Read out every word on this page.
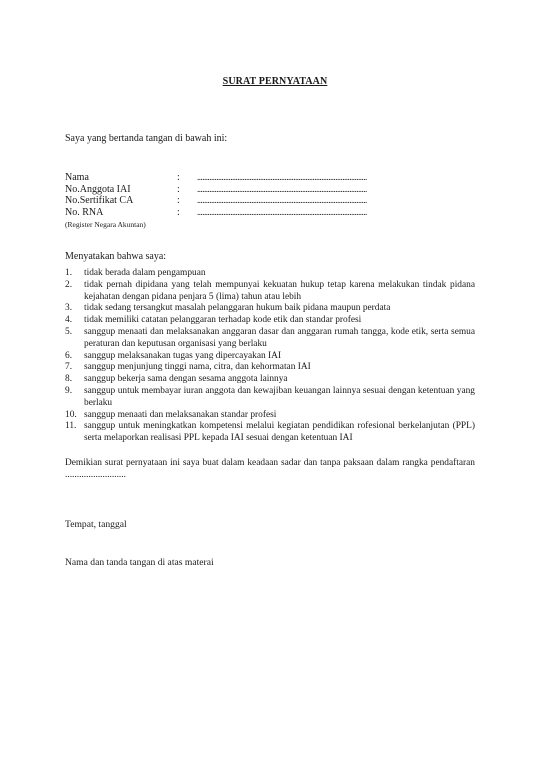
SURAT PERNYATAAN
Saya yang bertanda tangan di bawah ini:
Nama	:	.................................................................................................
No.Anggota IAI	:	.................................................................................................
No.Sertifikat CA	:	.................................................................................................
No. RNA	:	.................................................................................................
(Register Negara Akuntan)
Menyatakan bahwa saya:
1.	tidak berada dalam pengampuan
2.	tidak pernah dipidana yang telah mempunyai kekuatan hukup tetap karena melakukan tindak pidana kejahatan dengan pidana penjara 5 (lima) tahun atau lebih
3.	tidak sedang tersangkut masalah pelanggaran hukum baik pidana maupun perdata
4.	tidak memiliki catatan pelanggaran terhadap kode etik dan standar profesi
5.	sanggup menaati dan melaksanakan anggaran dasar dan anggaran rumah tangga, kode etik, serta semua peraturan dan keputusan organisasi yang berlaku
6.	sanggup melaksanakan tugas yang dipercayakan IAI
7.	sanggup menjunjung tinggi nama, citra, dan kehormatan IAI
8.	sanggup bekerja sama dengan sesama anggota lainnya
9.	sanggup untuk membayar iuran anggota dan kewajiban keuangan lainnya sesuai dengan ketentuan yang berlaku
10. sanggup menaati dan melaksanakan standar profesi
11. sanggup untuk meningkatkan kompetensi melalui kegiatan pendidikan rofesional berkelanjutan (PPL) serta melaporkan realisasi PPL kepada IAI sesuai dengan ketentuan IAI
Demikian surat pernyataan ini saya buat dalam keadaan sadar dan tanpa paksaan dalam rangka pendaftaran ..........................
Tempat, tanggal
Nama dan tanda tangan di atas materai
